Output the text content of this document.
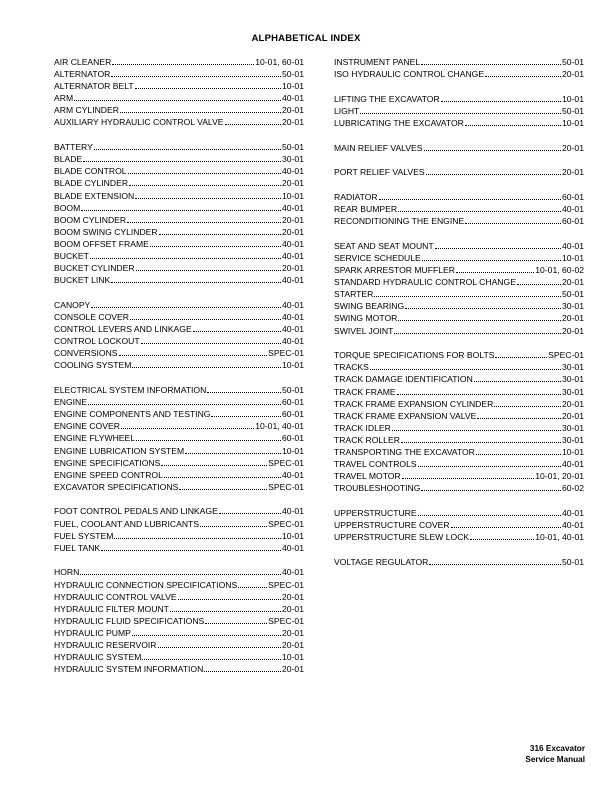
ALPHABETICAL INDEX
AIR CLEANER	10-01, 60-01
ALTERNATOR	50-01
ALTERNATOR BELT	10-01
ARM	40-01
ARM CYLINDER	20-01
AUXILIARY HYDRAULIC CONTROL VALVE	20-01
BATTERY	50-01
BLADE	30-01
BLADE CONTROL	40-01
BLADE CYLINDER	20-01
BLADE EXTENSION	10-01
BOOM	40-01
BOOM CYLINDER	20-01
BOOM SWING CYLINDER	20-01
BOOM OFFSET FRAME	40-01
BUCKET	40-01
BUCKET CYLINDER	20-01
BUCKET LINK	40-01
CANOPY	40-01
CONSOLE COVER	40-01
CONTROL LEVERS AND LINKAGE	40-01
CONTROL LOCKOUT	40-01
CONVERSIONS	SPEC-01
COOLING SYSTEM	10-01
ELECTRICAL SYSTEM INFORMATION	50-01
ENGINE	60-01
ENGINE COMPONENTS AND TESTING	60-01
ENGINE COVER	10-01, 40-01
ENGINE FLYWHEEL	60-01
ENGINE LUBRICATION SYSTEM	10-01
ENGINE SPECIFICATIONS	SPEC-01
ENGINE SPEED CONTROL	40-01
EXCAVATOR SPECIFICATIONS	SPEC-01
FOOT CONTROL PEDALS AND LINKAGE	40-01
FUEL, COOLANT AND LUBRICANTS	SPEC-01
FUEL SYSTEM	10-01
FUEL TANK	40-01
HORN	40-01
HYDRAULIC CONNECTION SPECIFICATIONS	SPEC-01
HYDRAULIC CONTROL VALVE	20-01
HYDRAULIC FILTER MOUNT	20-01
HYDRAULIC FLUID SPECIFICATIONS	SPEC-01
HYDRAULIC PUMP	20-01
HYDRAULIC RESERVOIR	20-01
HYDRAULIC SYSTEM	10-01
HYDRAULIC SYSTEM INFORMATION	20-01
INSTRUMENT PANEL	50-01
ISO HYDRAULIC CONTROL CHANGE	20-01
LIFTING THE EXCAVATOR	10-01
LIGHT	50-01
LUBRICATING THE EXCAVATOR	10-01
MAIN RELIEF VALVES	20-01
PORT RELIEF VALVES	20-01
RADIATOR	60-01
REAR BUMPER	40-01
RECONDITIONING THE ENGINE	60-01
SEAT AND SEAT MOUNT	40-01
SERVICE SCHEDULE	10-01
SPARK ARRESTOR MUFFLER	10-01, 60-02
STANDARD HYDRAULIC CONTROL CHANGE	20-01
STARTER	50-01
SWING BEARING	30-01
SWING MOTOR	20-01
SWIVEL JOINT	20-01
TORQUE SPECIFICATIONS FOR BOLTS	SPEC-01
TRACKS	30-01
TRACK DAMAGE IDENTIFICATION	30-01
TRACK FRAME	30-01
TRACK FRAME EXPANSION CYLINDER	20-01
TRACK FRAME EXPANSION VALVE	20-01
TRACK IDLER	30-01
TRACK ROLLER	30-01
TRANSPORTING THE EXCAVATOR	10-01
TRAVEL CONTROLS	40-01
TRAVEL MOTOR	10-01, 20-01
TROUBLESHOOTING	60-02
UPPERSTRUCTURE	40-01
UPPERSTRUCTURE COVER	40-01
UPPERSTRUCTURE SLEW LOCK	10-01, 40-01
VOLTAGE REGULATOR	50-01
316 Excavator
Service Manual
